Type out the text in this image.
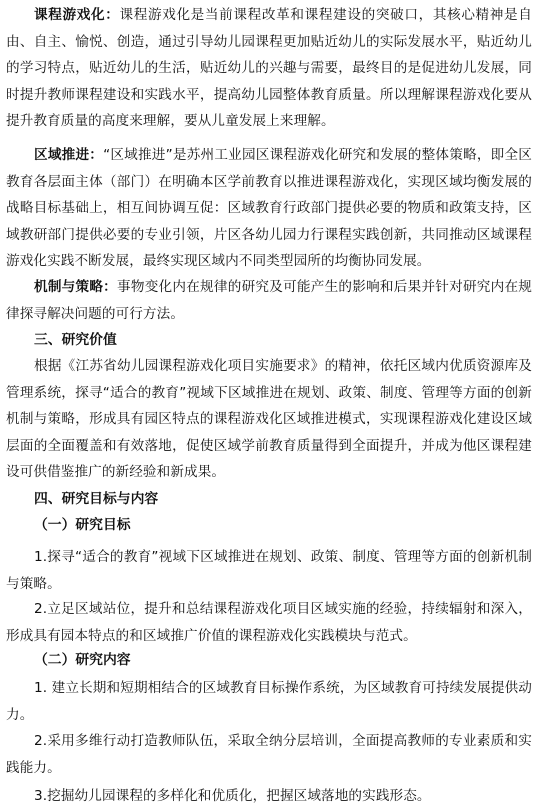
课程游戏化：课程游戏化是当前课程改革和课程建设的突破口，其核心精神是自由、自主、愉悦、创造，通过引导幼儿园课程更加贴近幼儿的实际发展水平，贴近幼儿的学习特点，贴近幼儿的生活，贴近幼儿的兴趣与需要，最终目的是促进幼儿发展，同时提升教师课程建设和实践水平，提高幼儿园整体教育质量。所以理解课程游戏化要从提升教育质量的高度来理解，要从儿童发展上来理解。

区域推进：“区域推进”是苏州工业园区课程游戏化研究和发展的整体策略，即全区教育各层面主体（部门）在明确本区学前教育以推进课程游戏化，实现区域均衡发展的战略目标基础上，相互间协调互促：区域教育行政部门提供必要的物质和政策支持，区域教研部门提供必要的专业引领，片区各幼儿园力行课程实践创新，共同推动区域课程游戏化实践不断发展，最终实现区域内不同类型园所的均衡协同发展。

机制与策略：事物变化内在规律的研究及可能产生的影响和后果并针对研究内在规律探寻解决问题的可行方法。

三、研究价值

根据《江苏省幼儿园课程游戏化项目实施要求》的精神，依托区域内优质资源库及管理系统，探寻“适合的教育”视域下区域推进在规划、政策、制度、管理等方面的创新机制与策略，形成具有园区特点的课程游戏化区域推进模式，实现课程游戏化建设区域层面的全面覆盖和有效落地，促使区域学前教育质量得到全面提升，并成为他区课程建设可供借鉴推广的新经验和新成果。

四、研究目标与内容
（一）研究目标

1.探寻“适合的教育”视域下区域推进在规划、政策、制度、管理等方面的创新机制与策略。

2.立足区域站位，提升和总结课程游戏化项目区域实施的经验，持续辐射和深入，形成具有园本特点的和区域推广价值的课程游戏化实践模块与范式。

（二）研究内容

1. 建立长期和短期相结合的区域教育目标操作系统，为区域教育可持续发展提供动力。

2.采用多维行动打造教师队伍，采取全纳分层培训，全面提高教师的专业素质和实践能力。

3.挖掘幼儿园课程的多样化和优质化，把握区域落地的实践形态。
